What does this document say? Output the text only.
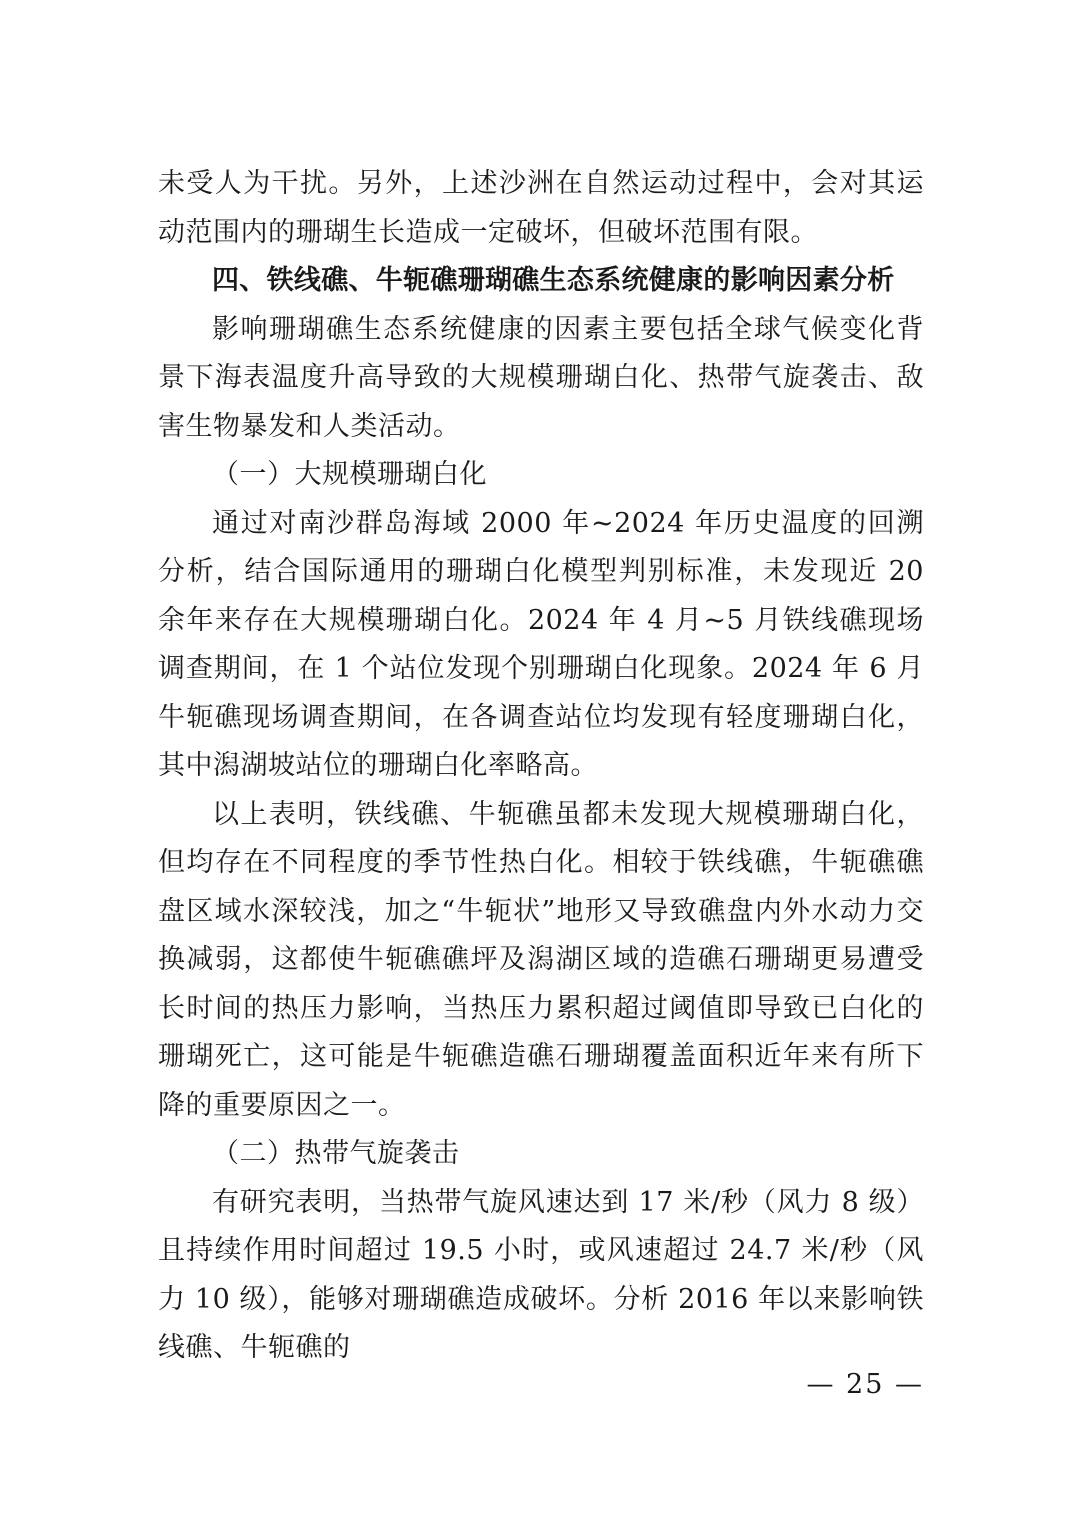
未受人为干扰。另外，上述沙洲在自然运动过程中，会对其运动范围内的珊瑚生长造成一定破坏，但破坏范围有限。

四、铁线礁、牛轭礁珊瑚礁生态系统健康的影响因素分析

影响珊瑚礁生态系统健康的因素主要包括全球气候变化背景下海表温度升高导致的大规模珊瑚白化、热带气旋袭击、敌害生物暴发和人类活动。

（一）大规模珊瑚白化

通过对南沙群岛海域 2000 年~2024 年历史温度的回溯分析，结合国际通用的珊瑚白化模型判别标准，未发现近 20 余年来存在大规模珊瑚白化。2024 年 4 月~5 月铁线礁现场调查期间，在 1 个站位发现个别珊瑚白化现象。2024 年 6 月牛轭礁现场调查期间，在各调查站位均发现有轻度珊瑚白化，其中潟湖坡站位的珊瑚白化率略高。

以上表明，铁线礁、牛轭礁虽都未发现大规模珊瑚白化，但均存在不同程度的季节性热白化。相较于铁线礁，牛轭礁礁盘区域水深较浅，加之“牛轭状”地形又导致礁盘内外水动力交换减弱，这都使牛轭礁礁坪及潟湖区域的造礁石珊瑚更易遭受长时间的热压力影响，当热压力累积超过阈值即导致已白化的珊瑚死亡，这可能是牛轭礁造礁石珊瑚覆盖面积近年来有所下降的重要原因之一。

（二）热带气旋袭击

有研究表明，当热带气旋风速达到 17 米/秒（风力 8 级）且持续作用时间超过 19.5 小时，或风速超过 24.7 米/秒（风力 10 级），能够对珊瑚礁造成破坏。分析 2016 年以来影响铁线礁、牛轭礁的

— 25 —
